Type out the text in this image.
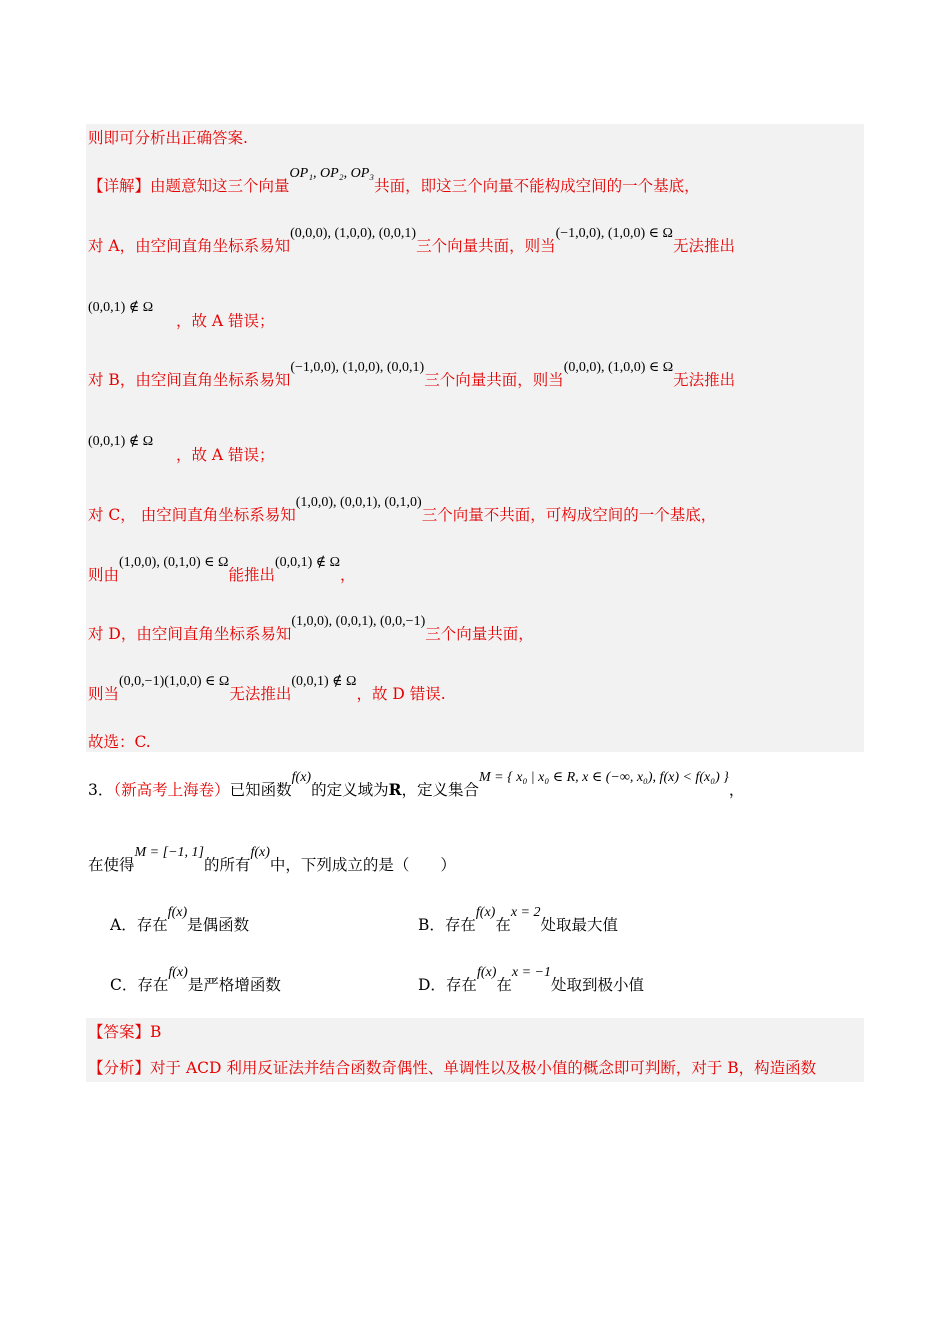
则即可分析出正确答案.
【详解】由题意知这三个向量OP₁, OP₂, OP₃共面，即这三个向量不能构成空间的一个基底，
对 A，由空间直角坐标系易知(0,0,0), (1,0,0), (0,0,1)三个向量共面，则当(−1,0,0), (1,0,0) ∈ Ω无法推出
(0,0,1) ∉ Ω
，故 A 错误；
对 B，由空间直角坐标系易知(−1,0,0), (1,0,0), (0,0,1)三个向量共面，则当(0,0,0), (1,0,0) ∈ Ω无法推出
(0,0,1) ∉ Ω
，故 A 错误；
对 C， 由空间直角坐标系易知(1,0,0), (0,0,1), (0,1,0)三个向量不共面，可构成空间的一个基底，
则由(1,0,0), (0,1,0) ∈ Ω能推出(0,0,1) ∉ Ω，
对 D，由空间直角坐标系易知(1,0,0), (0,0,1), (0,0,−1)三个向量共面，
则当(0,0,−1)(1,0,0) ∈ Ω无法推出(0,0,1) ∉ Ω，故 D 错误.
故选：C.
3．（新高考上海卷）已知函数f(x)的定义域为R，定义集合M = { x₀ | x₀ ∈ R, x ∈ (−∞, x₀), f(x) < f(x₀) }，
在使得M = [−1, 1]的所有f(x)中，下列成立的是（　　）
A．存在f(x)是偶函数	B．存在f(x)在x = 2处取最大值
C．存在f(x)是严格增函数	D．存在f(x)在x = −1处取到极小值
【答案】B
【分析】对于 ACD 利用反证法并结合函数奇偶性、单调性以及极小值的概念即可判断，对于 B，构造函数
